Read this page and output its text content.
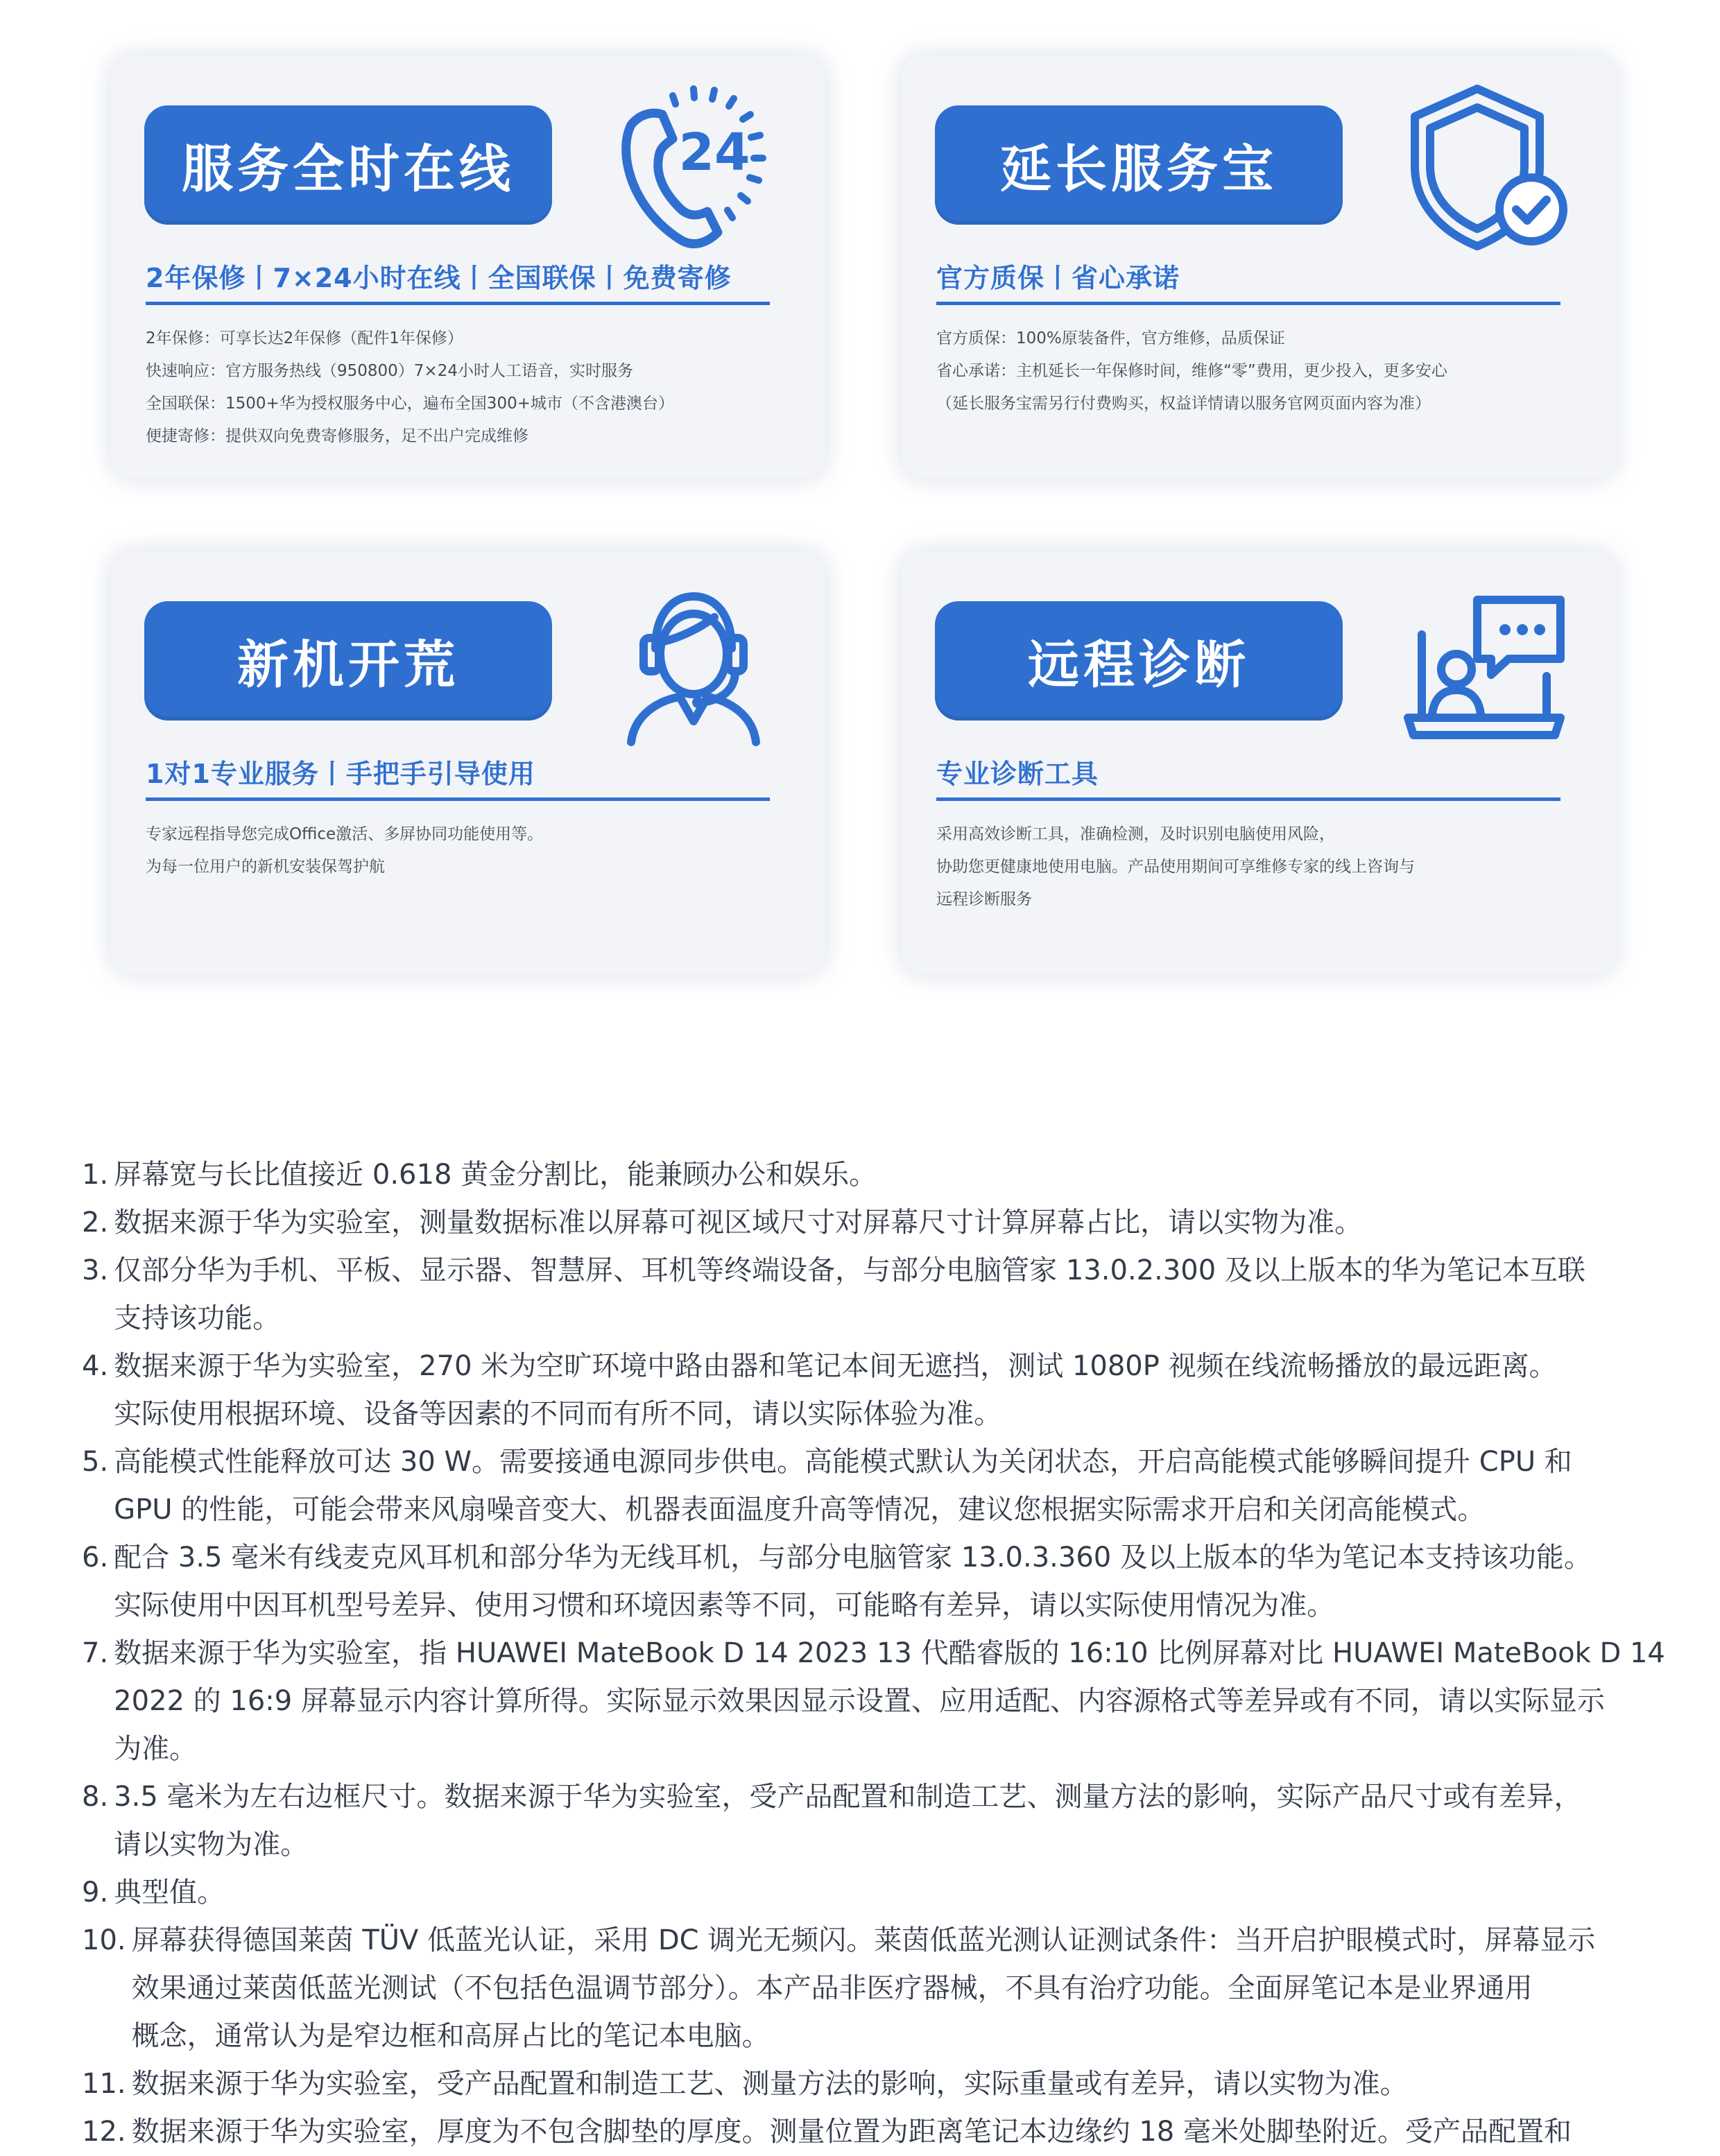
服务全时在线	24
2年保修丨7×24小时在线丨全国联保丨免费寄修
2年保修：可享长达2年保修（配件1年保修）
快速响应：官方服务热线（950800）7×24小时人工语音，实时服务
全国联保：1500+华为授权服务中心，遍布全国300+城市（不含港澳台）
便捷寄修：提供双向免费寄修服务，足不出户完成维修
延长服务宝
官方质保丨省心承诺
官方质保：100%原装备件，官方维修，品质保证
省心承诺：主机延长一年保修时间，维修“零”费用，更少投入，更多安心
（延长服务宝需另行付费购买，权益详情请以服务官网页面内容为准）
新机开荒
1对1专业服务丨手把手引导使用
专家远程指导您完成Office激活、多屏协同功能使用等。
为每一位用户的新机安装保驾护航
远程诊断
专业诊断工具
采用高效诊断工具，准确检测，及时识别电脑使用风险，
协助您更健康地使用电脑。产品使用期间可享维修专家的线上咨询与
远程诊断服务
1. 屏幕宽与长比值接近 0.618 黄金分割比，能兼顾办公和娱乐。
2. 数据来源于华为实验室，测量数据标准以屏幕可视区域尺寸对屏幕尺寸计算屏幕占比，请以实物为准。
3. 仅部分华为手机、平板、显示器、智慧屏、耳机等终端设备，与部分电脑管家 13.0.2.300 及以上版本的华为笔记本互联
支持该功能。
4. 数据来源于华为实验室，270 米为空旷环境中路由器和笔记本间无遮挡，测试 1080P 视频在线流畅播放的最远距离。
实际使用根据环境、设备等因素的不同而有所不同，请以实际体验为准。
5. 高能模式性能释放可达 30 W。需要接通电源同步供电。高能模式默认为关闭状态，开启高能模式能够瞬间提升 CPU 和
GPU 的性能，可能会带来风扇噪音变大、机器表面温度升高等情况，建议您根据实际需求开启和关闭高能模式。
6. 配合 3.5 毫米有线麦克风耳机和部分华为无线耳机，与部分电脑管家 13.0.3.360 及以上版本的华为笔记本支持该功能。
实际使用中因耳机型号差异、使用习惯和环境因素等不同，可能略有差异，请以实际使用情况为准。
7. 数据来源于华为实验室，指 HUAWEI MateBook D 14 2023 13 代酷睿版的 16:10 比例屏幕对比 HUAWEI MateBook D 14
2022 的 16:9 屏幕显示内容计算所得。实际显示效果因显示设置、应用适配、内容源格式等差异或有不同，请以实际显示
为准。
8. 3.5 毫米为左右边框尺寸。数据来源于华为实验室，受产品配置和制造工艺、测量方法的影响，实际产品尺寸或有差异，
请以实物为准。
9. 典型值。
10. 屏幕获得德国莱茵 TÜV 低蓝光认证，采用 DC 调光无频闪。莱茵低蓝光测认证测试条件：当开启护眼模式时，屏幕显示
效果通过莱茵低蓝光测试（不包括色温调节部分）。本产品非医疗器械，不具有治疗功能。全面屏笔记本是业界通用
概念，通常认为是窄边框和高屏占比的笔记本电脑。
11. 数据来源于华为实验室，受产品配置和制造工艺、测量方法的影响，实际重量或有差异，请以实物为准。
12. 数据来源于华为实验室，厚度为不包含脚垫的厚度。测量位置为距离笔记本边缘约 18 毫米处脚垫附近。受产品配置和
